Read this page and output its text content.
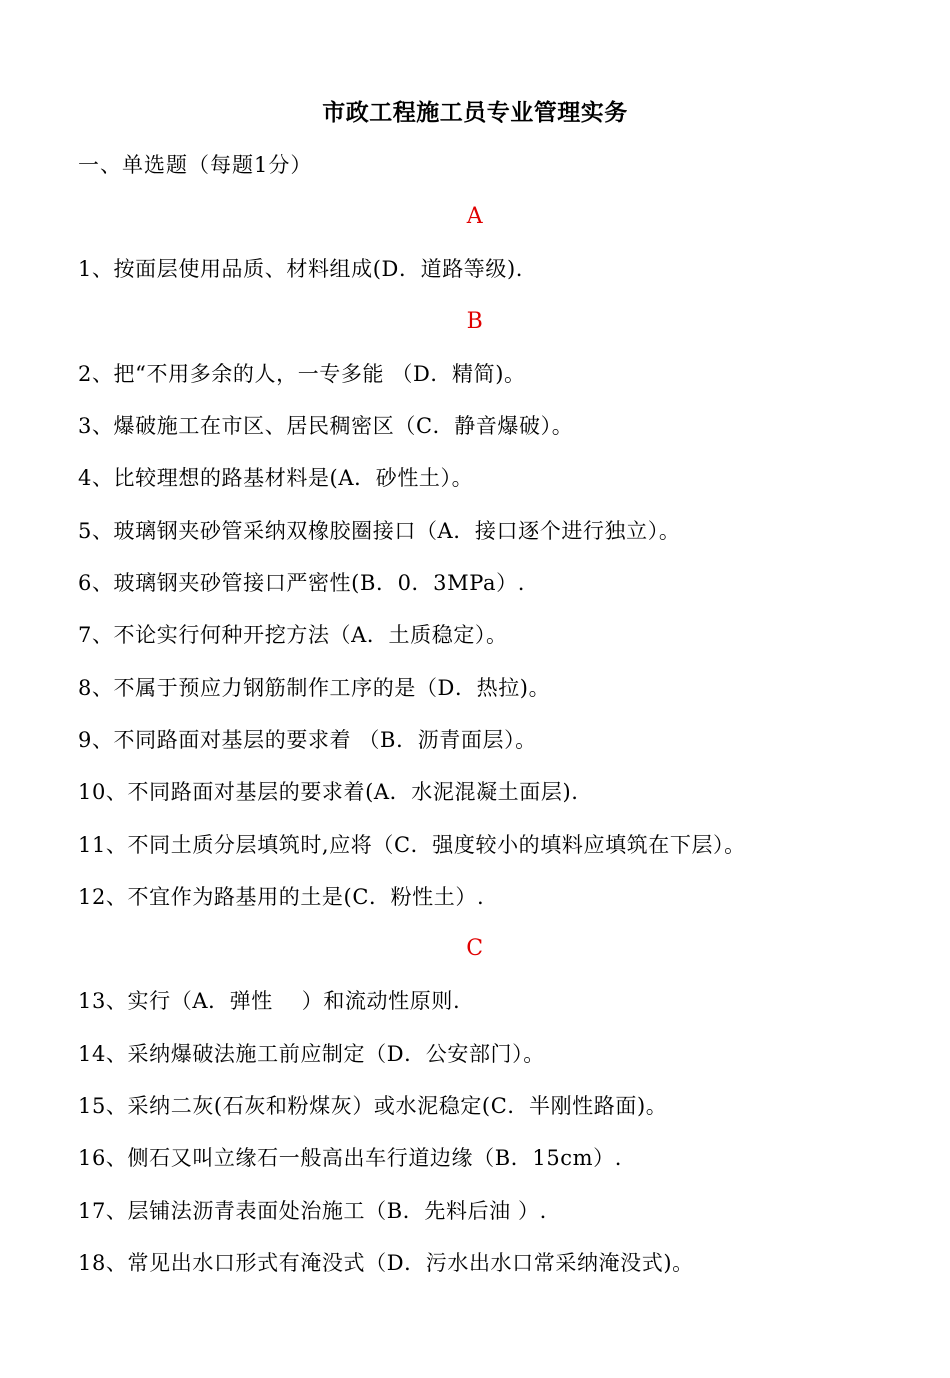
市政工程施工员专业管理实务
一、单选题（每题1分）
A
1、按面层使用品质、材料组成(D．道路等级).
B
2、把“不用多余的人，一专多能 （D．精简)。
3、爆破施工在市区、居民稠密区（C．静音爆破）。
4、比较理想的路基材料是(A．砂性土）。
5、玻璃钢夹砂管采纳双橡胶圈接口（A．接口逐个进行独立）。
6、玻璃钢夹砂管接口严密性(B．0．3MPa）.
7、不论实行何种开挖方法（A．土质稳定）。
8、不属于预应力钢筋制作工序的是（D．热拉)。
9、不同路面对基层的要求着 （B．沥青面层）。
10、不同路面对基层的要求着(A．水泥混凝土面层).
11、不同土质分层填筑时,应将（C．强度较小的填料应填筑在下层）。
12、不宜作为路基用的土是(C．粉性土）.
C
13、实行（A．弹性　 ）和流动性原则.
14、采纳爆破法施工前应制定（D．公安部门）。
15、采纳二灰(石灰和粉煤灰）或水泥稳定(C．半刚性路面)。
16、侧石又叫立缘石一般高出车行道边缘（B．15cm）.
17、层铺法沥青表面处治施工（B．先料后油 ）.
18、常见出水口形式有淹没式（D．污水出水口常采纳淹没式)。
